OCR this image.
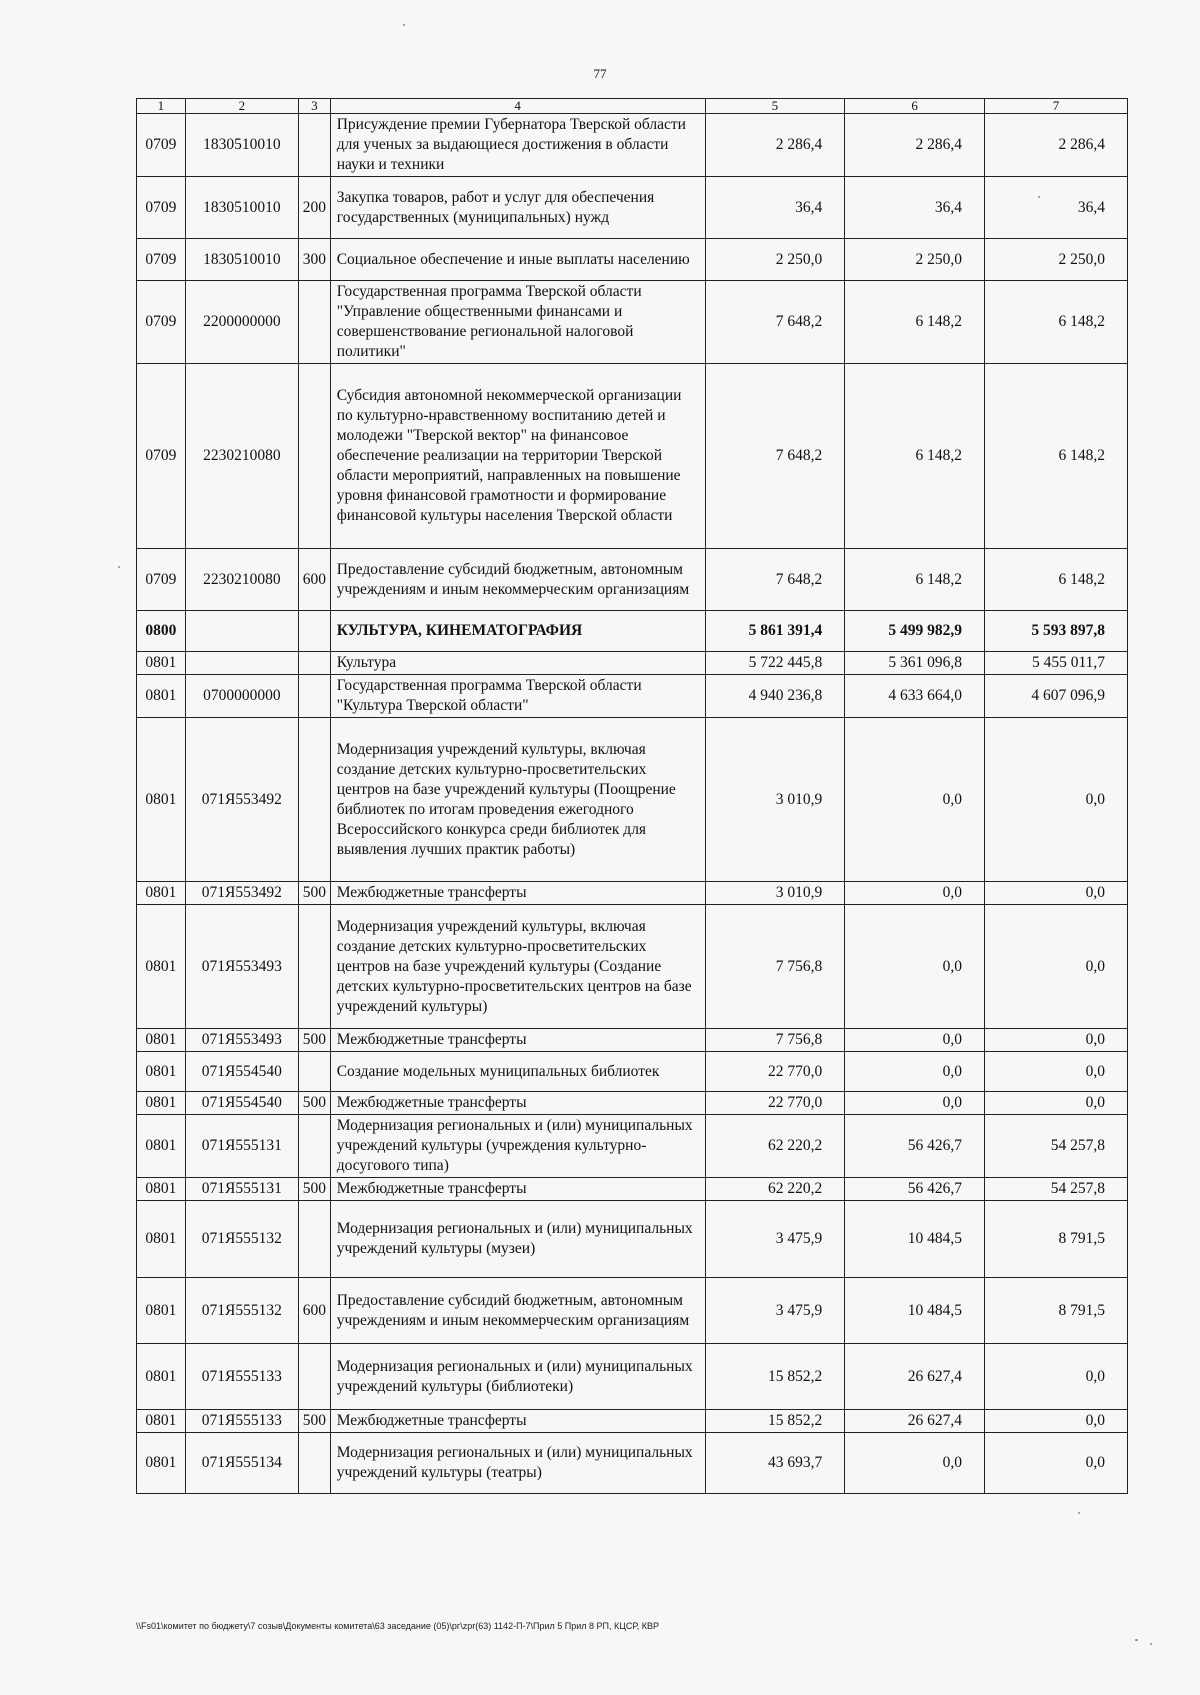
77
1	2	3	4	5	6	7
0709	1830510010		Присуждение премии Губернатора Тверской области для ученых за выдающиеся достижения в области науки и техники	2 286,4	2 286,4	2 286,4
0709	1830510010	200	Закупка товаров, работ и услуг для обеспечения государственных (муниципальных) нужд	36,4	36,4	36,4
0709	1830510010	300	Социальное обеспечение и иные выплаты населению	2 250,0	2 250,0	2 250,0
0709	2200000000		Государственная программа Тверской области "Управление общественными финансами и совершенствование региональной налоговой политики"	7 648,2	6 148,2	6 148,2
0709	2230210080		Субсидия автономной некоммерческой организации по культурно-нравственному воспитанию детей и молодежи "Тверской вектор" на финансовое обеспечение реализации на территории Тверской области мероприятий, направленных на повышение уровня финансовой грамотности и формирование финансовой культуры населения Тверской области	7 648,2	6 148,2	6 148,2
0709	2230210080	600	Предоставление субсидий бюджетным, автономным учреждениям и иным некоммерческим организациям	7 648,2	6 148,2	6 148,2
0800			КУЛЬТУРА, КИНЕМАТОГРАФИЯ	5 861 391,4	5 499 982,9	5 593 897,8
0801			Культура	5 722 445,8	5 361 096,8	5 455 011,7
0801	0700000000		Государственная программа Тверской области "Культура Тверской области"	4 940 236,8	4 633 664,0	4 607 096,9
0801	071Я553492		Модернизация учреждений культуры, включая создание детских культурно-просветительских центров на базе учреждений культуры (Поощрение библиотек по итогам проведения ежегодного Всероссийского конкурса среди библиотек для выявления лучших практик работы)	3 010,9	0,0	0,0
0801	071Я553492	500	Межбюджетные трансферты	3 010,9	0,0	0,0
0801	071Я553493		Модернизация учреждений культуры, включая создание детских культурно-просветительских центров на базе учреждений культуры (Создание детских культурно-просветительских центров на базе учреждений культуры)	7 756,8	0,0	0,0
0801	071Я553493	500	Межбюджетные трансферты	7 756,8	0,0	0,0
0801	071Я554540		Создание модельных муниципальных библиотек	22 770,0	0,0	0,0
0801	071Я554540	500	Межбюджетные трансферты	22 770,0	0,0	0,0
0801	071Я555131		Модернизация региональных и (или) муниципальных учреждений культуры (учреждения культурно-досугового типа)	62 220,2	56 426,7	54 257,8
0801	071Я555131	500	Межбюджетные трансферты	62 220,2	56 426,7	54 257,8
0801	071Я555132		Модернизация региональных и (или) муниципальных учреждений культуры (музеи)	3 475,9	10 484,5	8 791,5
0801	071Я555132	600	Предоставление субсидий бюджетным, автономным учреждениям и иным некоммерческим организациям	3 475,9	10 484,5	8 791,5
0801	071Я555133		Модернизация региональных и (или) муниципальных учреждений культуры (библиотеки)	15 852,2	26 627,4	0,0
0801	071Я555133	500	Межбюджетные трансферты	15 852,2	26 627,4	0,0
0801	071Я555134		Модернизация региональных и (или) муниципальных учреждений культуры (театры)	43 693,7	0,0	0,0
\\Fs01\комитет по бюджету\7 созыв\Документы комитета\63 заседание (05)\рг\zpr(63) 1142-П-7\Прил 5 Прил 8 РП, КЦСР, КВР
